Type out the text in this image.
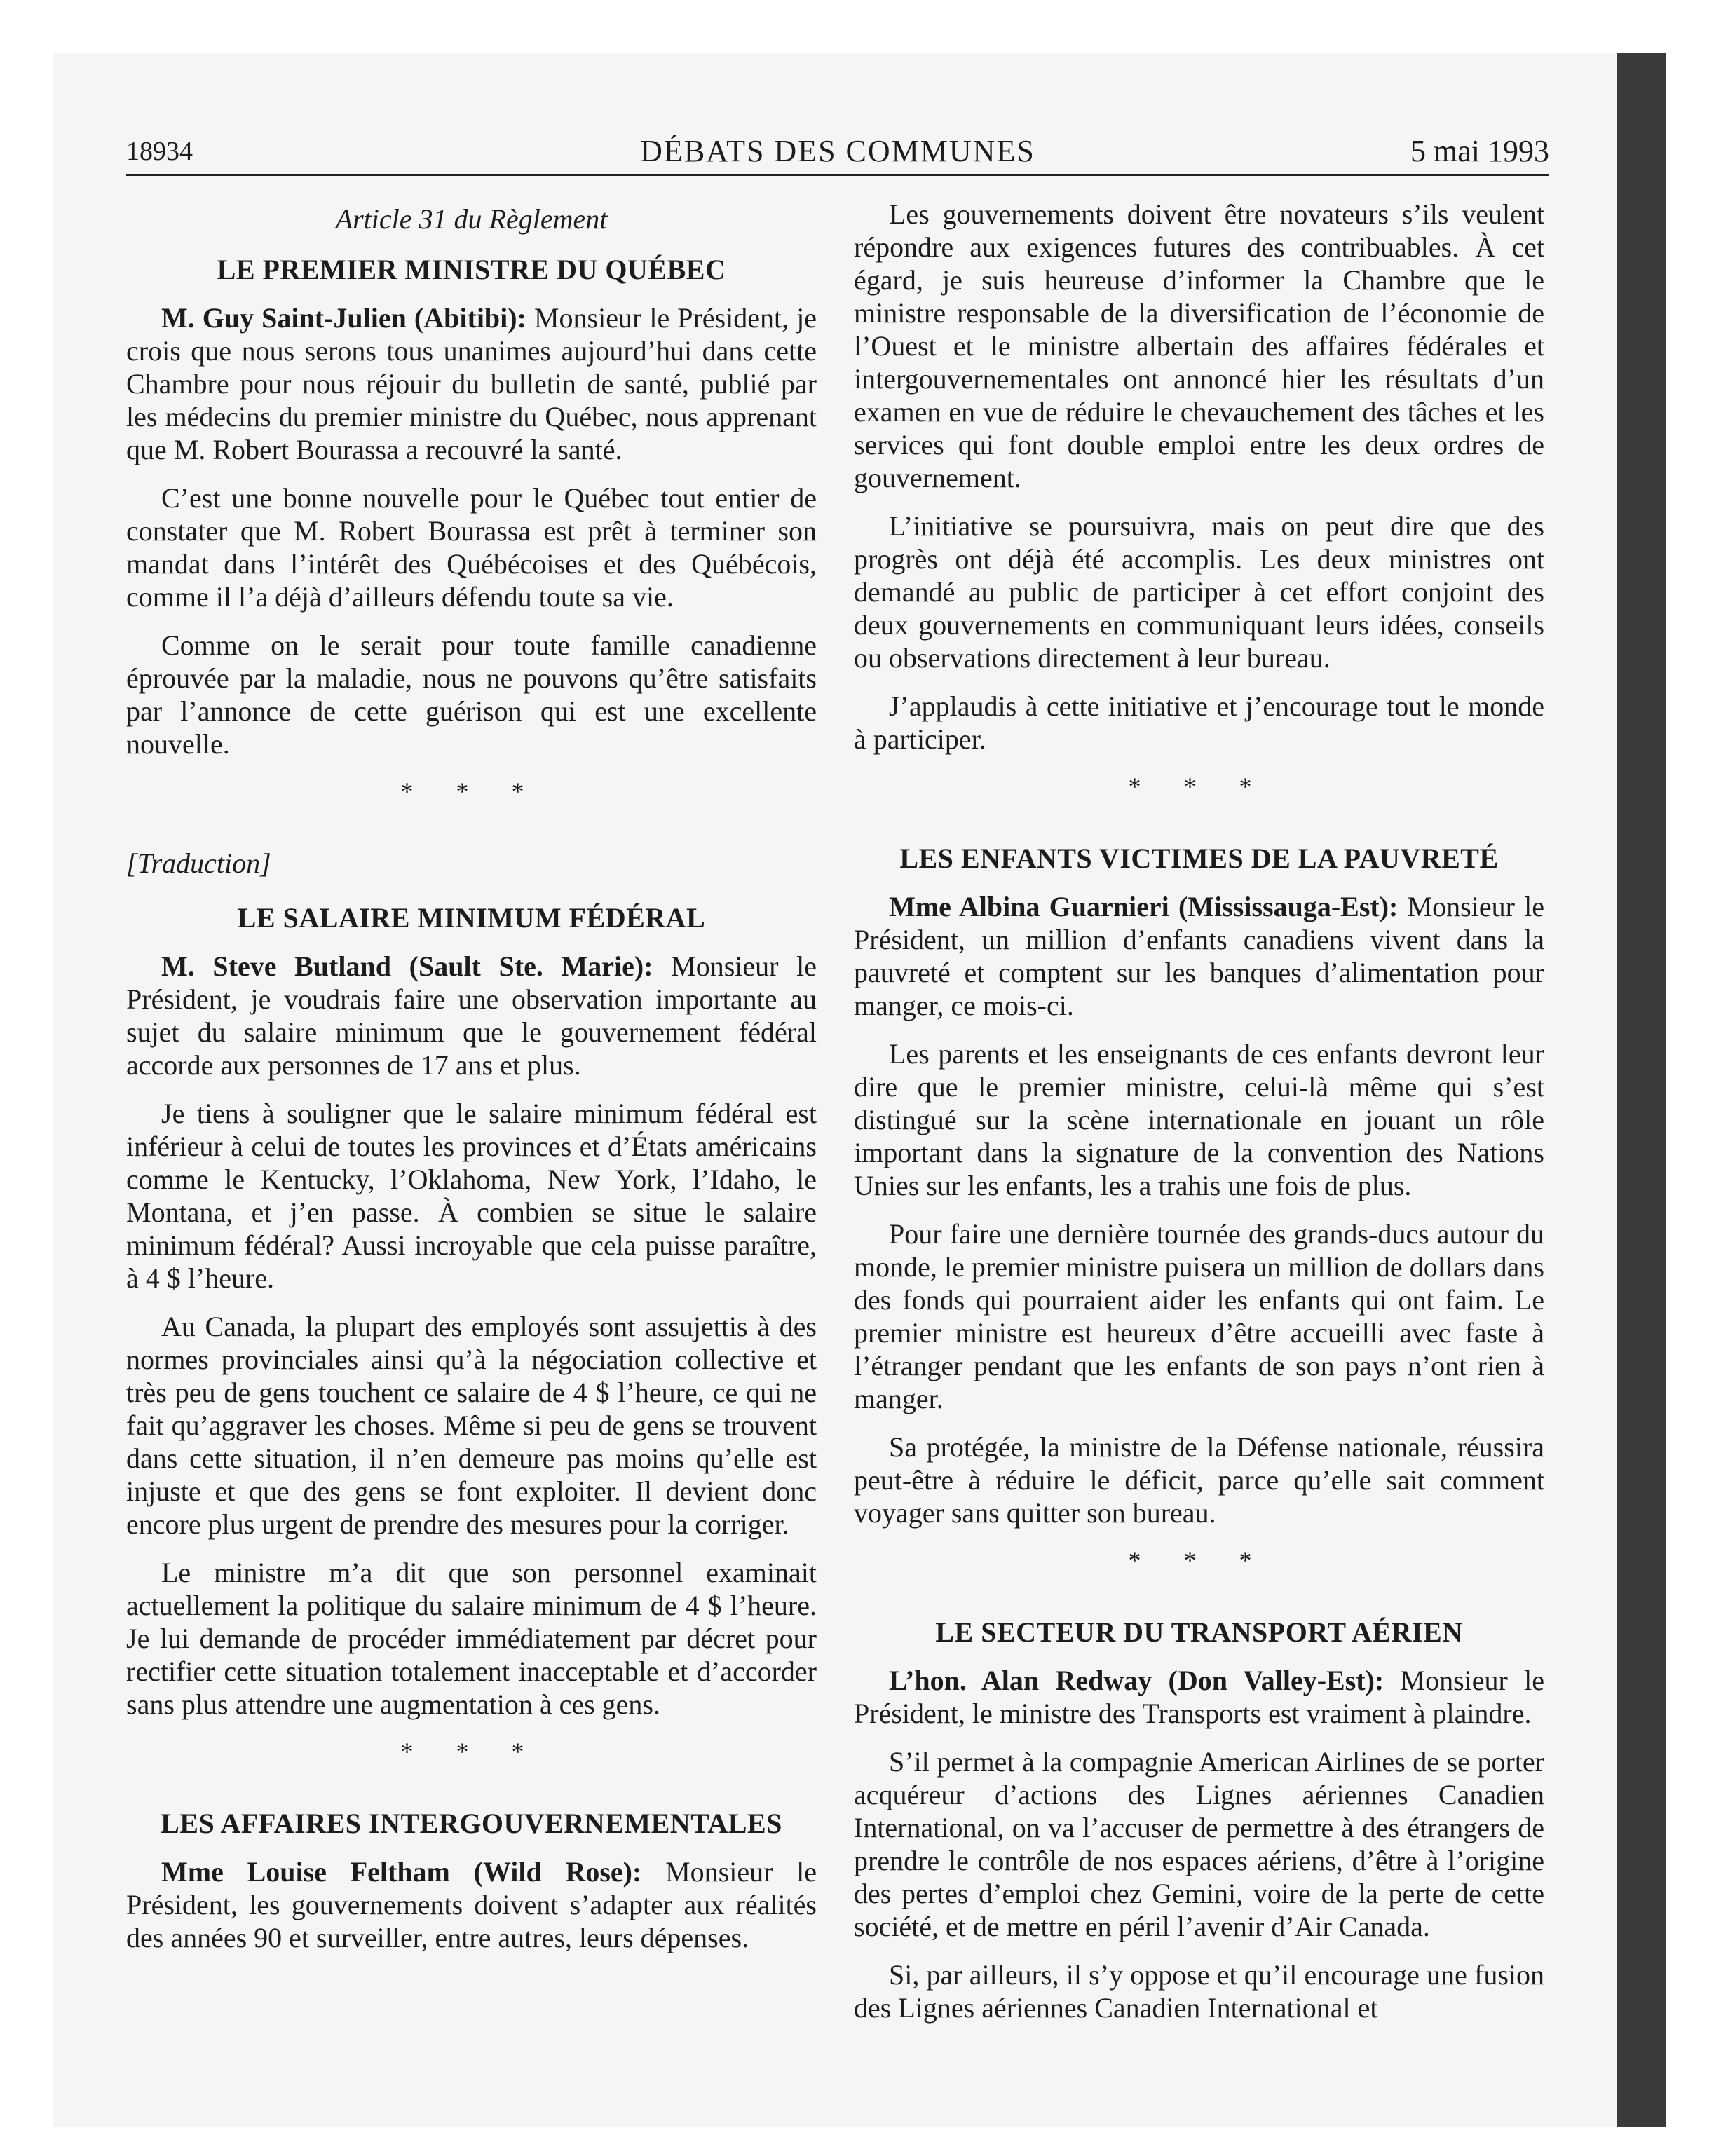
18934	DÉBATS DES COMMUNES	5 mai 1993
Article 31 du Règlement
LE PREMIER MINISTRE DU QUÉBEC

M. Guy Saint-Julien (Abitibi): Monsieur le Président, je crois que nous serons tous unanimes aujourd’hui dans cette Chambre pour nous réjouir du bulletin de santé, publié par les médecins du premier ministre du Québec, nous apprenant que M. Robert Bourassa a recouvré la santé.

C’est une bonne nouvelle pour le Québec tout entier de constater que M. Robert Bourassa est prêt à terminer son mandat dans l’intérêt des Québécoises et des Québécois, comme il l’a déjà d’ailleurs défendu toute sa vie.

Comme on le serait pour toute famille canadienne éprouvée par la maladie, nous ne pouvons qu’être satisfaits par l’annonce de cette guérison qui est une excellente nouvelle.

* * *
[Traduction]
LE SALAIRE MINIMUM FÉDÉRAL

M. Steve Butland (Sault Ste. Marie): Monsieur le Président, je voudrais faire une observation importante au sujet du salaire minimum que le gouvernement fédéral accorde aux personnes de 17 ans et plus.

Je tiens à souligner que le salaire minimum fédéral est inférieur à celui de toutes les provinces et d’États américains comme le Kentucky, l’Oklahoma, New York, l’Idaho, le Montana, et j’en passe. À combien se situe le salaire minimum fédéral? Aussi incroyable que cela puisse paraître, à 4 $ l’heure.

Au Canada, la plupart des employés sont assujettis à des normes provinciales ainsi qu’à la négociation collective et très peu de gens touchent ce salaire de 4 $ l’heure, ce qui ne fait qu’aggraver les choses. Même si peu de gens se trouvent dans cette situation, il n’en demeure pas moins qu’elle est injuste et que des gens se font exploiter. Il devient donc encore plus urgent de prendre des mesures pour la corriger.

Le ministre m’a dit que son personnel examinait actuellement la politique du salaire minimum de 4 $ l’heure. Je lui demande de procéder immédiatement par décret pour rectifier cette situation totalement inacceptable et d’accorder sans plus attendre une augmentation à ces gens.

* * *
LES AFFAIRES INTERGOUVERNEMENTALES

Mme Louise Feltham (Wild Rose): Monsieur le Président, les gouvernements doivent s’adapter aux réalités des années 90 et surveiller, entre autres, leurs dépenses.

Les gouvernements doivent être novateurs s’ils veulent répondre aux exigences futures des contribuables. À cet égard, je suis heureuse d’informer la Chambre que le ministre responsable de la diversification de l’économie de l’Ouest et le ministre albertain des affaires fédérales et intergouvernementales ont annoncé hier les résultats d’un examen en vue de réduire le chevauchement des tâches et les services qui font double emploi entre les deux ordres de gouvernement.

L’initiative se poursuivra, mais on peut dire que des progrès ont déjà été accomplis. Les deux ministres ont demandé au public de participer à cet effort conjoint des deux gouvernements en communiquant leurs idées, conseils ou observations directement à leur bureau.

J’applaudis à cette initiative et j’encourage tout le monde à participer.

* * *
LES ENFANTS VICTIMES DE LA PAUVRETÉ

Mme Albina Guarnieri (Mississauga-Est): Monsieur le Président, un million d’enfants canadiens vivent dans la pauvreté et comptent sur les banques d’alimentation pour manger, ce mois-ci.

Les parents et les enseignants de ces enfants devront leur dire que le premier ministre, celui-là même qui s’est distingué sur la scène internationale en jouant un rôle important dans la signature de la convention des Nations Unies sur les enfants, les a trahis une fois de plus.

Pour faire une dernière tournée des grands-ducs autour du monde, le premier ministre puisera un million de dollars dans des fonds qui pourraient aider les enfants qui ont faim. Le premier ministre est heureux d’être accueilli avec faste à l’étranger pendant que les enfants de son pays n’ont rien à manger.

Sa protégée, la ministre de la Défense nationale, réussira peut-être à réduire le déficit, parce qu’elle sait comment voyager sans quitter son bureau.

* * *
LE SECTEUR DU TRANSPORT AÉRIEN

L’hon. Alan Redway (Don Valley-Est): Monsieur le Président, le ministre des Transports est vraiment à plaindre.

S’il permet à la compagnie American Airlines de se porter acquéreur d’actions des Lignes aériennes Canadien International, on va l’accuser de permettre à des étrangers de prendre le contrôle de nos espaces aériens, d’être à l’origine des pertes d’emploi chez Gemini, voire de la perte de cette société, et de mettre en péril l’avenir d’Air Canada.

Si, par ailleurs, il s’y oppose et qu’il encourage une fusion des Lignes aériennes Canadien International et
